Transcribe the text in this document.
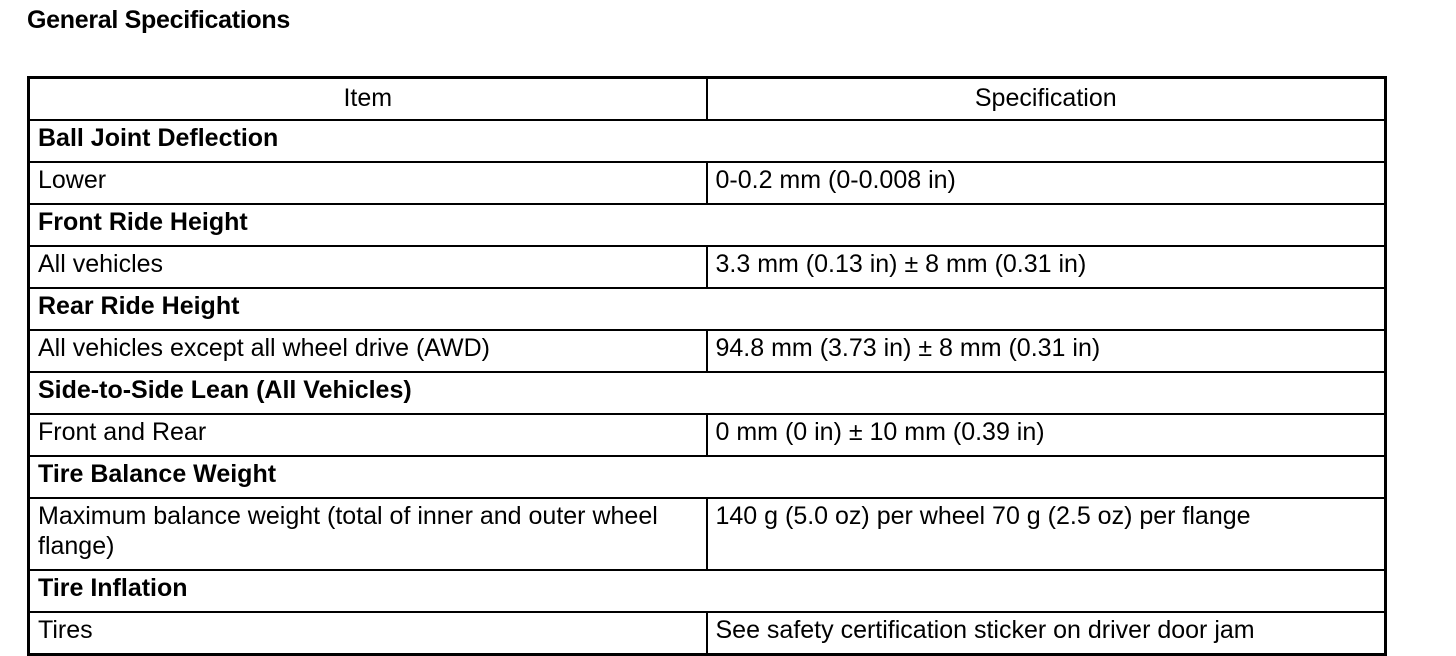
General Specifications
Item	Specification
Ball Joint Deflection	
Lower	0-0.2 mm (0-0.008 in)
Front Ride Height	
All vehicles	3.3 mm (0.13 in) ± 8 mm (0.31 in)
Rear Ride Height	
All vehicles except all wheel drive (AWD)	94.8 mm (3.73 in) ± 8 mm (0.31 in)
Side-to-Side Lean (All Vehicles)	
Front and Rear	0 mm (0 in) ± 10 mm (0.39 in)
Tire Balance Weight	
Maximum balance weight (total of inner and outer wheel flange)	140 g (5.0 oz) per wheel 70 g (2.5 oz) per flange
Tire Inflation	
Tires	See safety certification sticker on driver door jam
